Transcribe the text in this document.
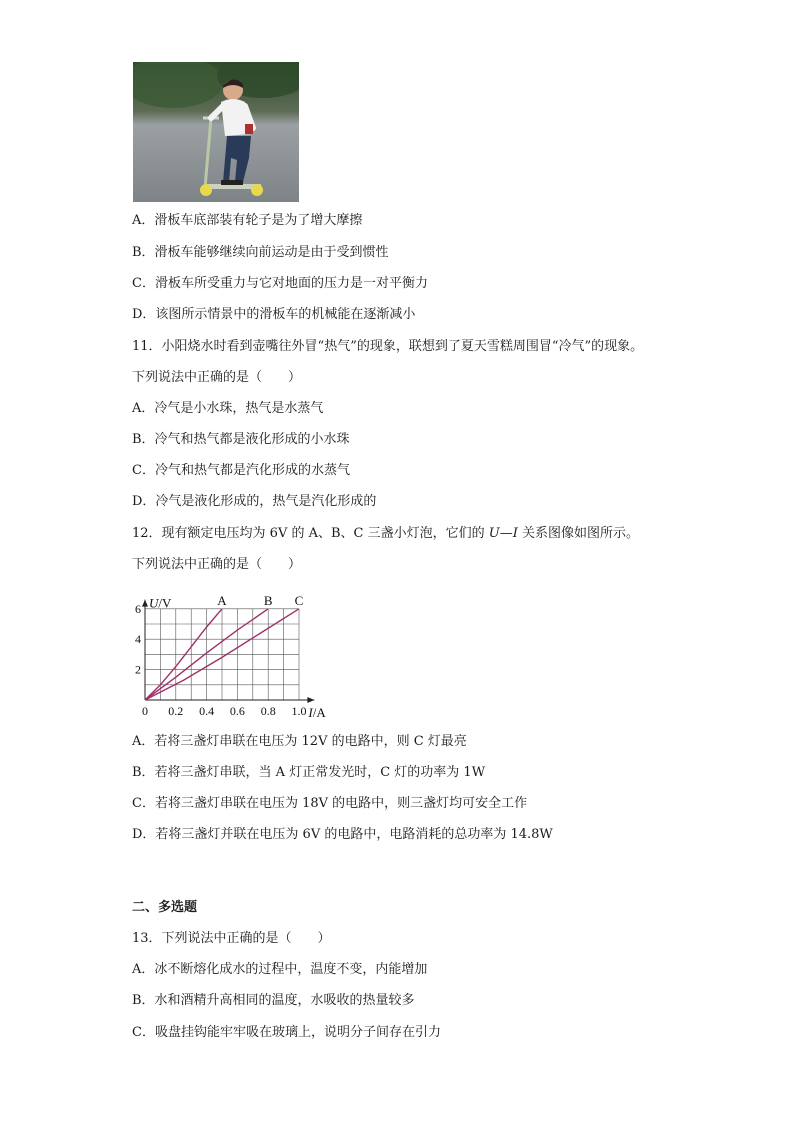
A．滑板车底部装有轮子是为了增大摩擦
B．滑板车能够继续向前运动是由于受到惯性
C．滑板车所受重力与它对地面的压力是一对平衡力
D．该图所示情景中的滑板车的机械能在逐渐减小
11．小阳烧水时看到壶嘴往外冒“热气”的现象，联想到了夏天雪糕周围冒“冷气”的现象。
下列说法中正确的是（　　）
A．冷气是小水珠，热气是水蒸气
B．冷气和热气都是液化形成的小水珠
C．冷气和热气都是汽化形成的水蒸气
D．冷气是液化形成的，热气是汽化形成的
12．现有额定电压均为 6V 的 A、B、C 三盏小灯泡，它们的 U—I 关系图像如图所示。
下列说法中正确的是（　　）
A	B C
0 0.2 0.4 0.6 0.8 1.0
2
4
6 U/V
I/A
A．若将三盏灯串联在电压为 12V 的电路中，则 C 灯最亮
B．若将三盏灯串联，当 A 灯正常发光时，C 灯的功率为 1W
C．若将三盏灯串联在电压为 18V 的电路中，则三盏灯均可安全工作
D．若将三盏灯并联在电压为 6V 的电路中，电路消耗的总功率为 14.8W
二、多选题
13．下列说法中正确的是（　　）
A．冰不断熔化成水的过程中，温度不变，内能增加
B．水和酒精升高相同的温度，水吸收的热量较多
C．吸盘挂钩能牢牢吸在玻璃上，说明分子间存在引力
